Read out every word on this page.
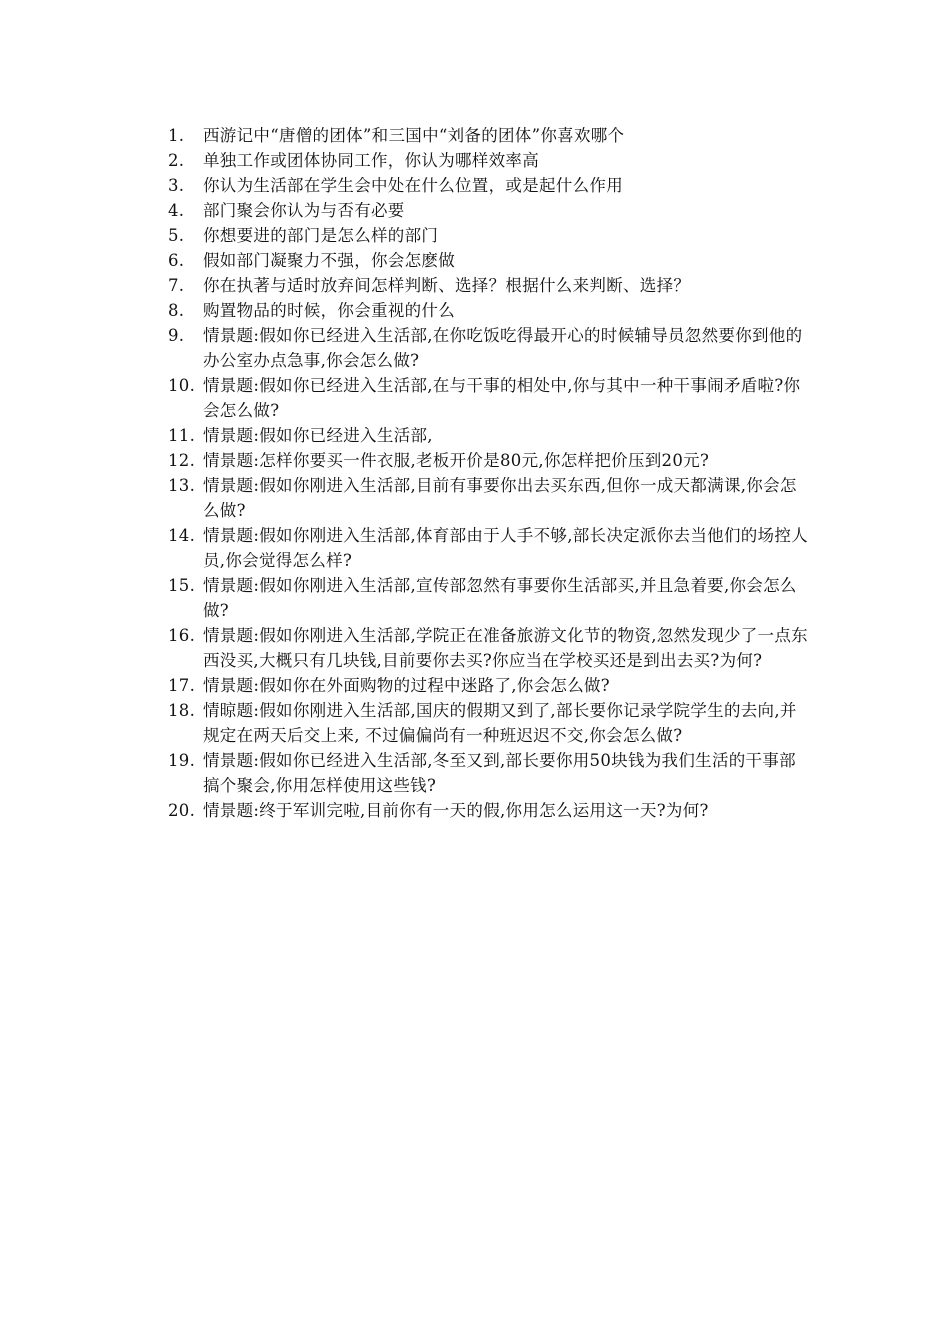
1.	西游记中“唐僧的团体”和三国中“刘备的团体”你喜欢哪个
2.	单独工作或团体协同工作，你认为哪样效率高
3.	你认为生活部在学生会中处在什么位置，或是起什么作用
4.	部门聚会你认为与否有必要
5.	你想要进的部门是怎么样的部门
6.	假如部门凝聚力不强，你会怎麽做
7.	你在执著与适时放弃间怎样判断、选择？根据什么来判断、选择？
8.	购置物品的时候，你会重视的什么
9.	情景题:假如你已经进入生活部,在你吃饭吃得最开心的时候辅导员忽然要你到他的办公室办点急事,你会怎么做?
10. 情景题:假如你已经进入生活部,在与干事的相处中,你与其中一种干事闹矛盾啦?你会怎么做?
11. 情景题:假如你已经进入生活部,
12. 情景题:怎样你要买一件衣服,老板开价是80元,你怎样把价压到20元?
13. 情景题:假如你刚进入生活部,目前有事要你出去买东西,但你一成天都满课,你会怎么做?
14. 情景题:假如你刚进入生活部,体育部由于人手不够,部长决定派你去当他们的场控人员,你会觉得怎么样?
15. 情景题:假如你刚进入生活部,宣传部忽然有事要你生活部买,并且急着要,你会怎么做?
16. 情景题:假如你刚进入生活部,学院正在准备旅游文化节的物资,忽然发现少了一点东西没买,大概只有几块钱,目前要你去买?你应当在学校买还是到出去买?为何?
17. 情景题:假如你在外面购物的过程中迷路了,你会怎么做?
18. 情晾题:假如你刚进入生活部,国庆的假期又到了,部长要你记录学院学生的去向,并规定在两天后交上来, 不过偏偏尚有一种班迟迟不交,你会怎么做?
19. 情景题:假如你已经进入生活部,冬至又到,部长要你用50块钱为我们生活的干事部搞个聚会,你用怎样使用这些钱?
20. 情景题:终于军训完啦,目前你有一天的假,你用怎么运用这一天?为何?
